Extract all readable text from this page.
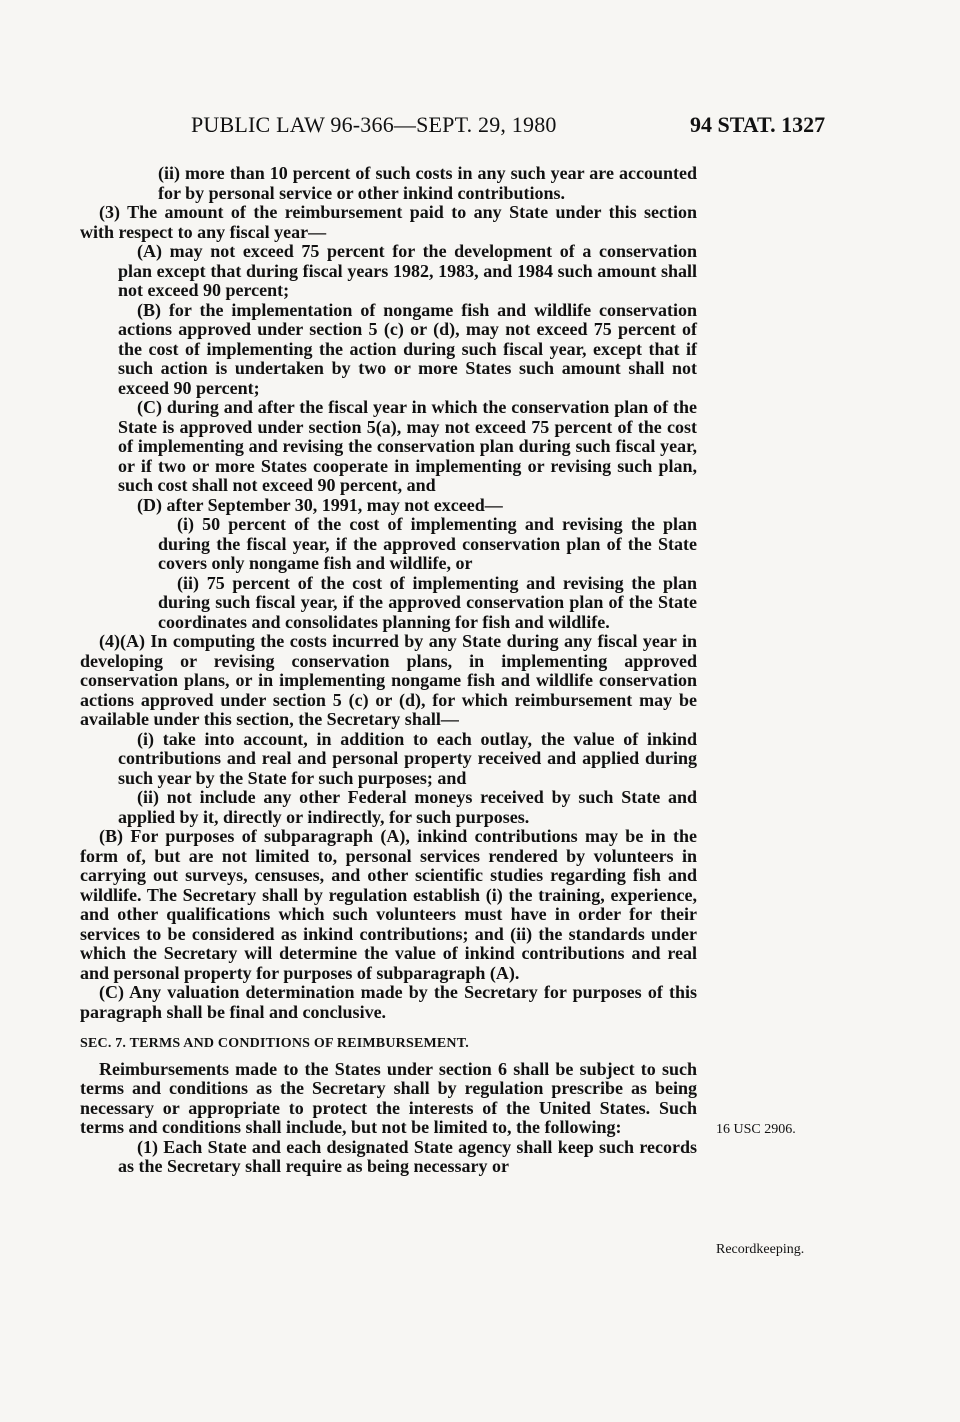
PUBLIC LAW 96-366—SEPT. 29, 1980	94 STAT. 1327

(ii) more than 10 percent of such costs in any such year are accounted for by personal service or other inkind contributions.

(3) The amount of the reimbursement paid to any State under this section with respect to any fiscal year—

(A) may not exceed 75 percent for the development of a conservation plan except that during fiscal years 1982, 1983, and 1984 such amount shall not exceed 90 percent;

(B) for the implementation of nongame fish and wildlife conservation actions approved under section 5 (c) or (d), may not exceed 75 percent of the cost of implementing the action during such fiscal year, except that if such action is undertaken by two or more States such amount shall not exceed 90 percent;

(C) during and after the fiscal year in which the conservation plan of the State is approved under section 5(a), may not exceed 75 percent of the cost of implementing and revising the conservation plan during such fiscal year, or if two or more States cooperate in implementing or revising such plan, such cost shall not exceed 90 percent, and

(D) after September 30, 1991, may not exceed—

(i) 50 percent of the cost of implementing and revising the plan during the fiscal year, if the approved conservation plan of the State covers only nongame fish and wildlife, or

(ii) 75 percent of the cost of implementing and revising the plan during such fiscal year, if the approved conservation plan of the State coordinates and consolidates planning for fish and wildlife.

(4)(A) In computing the costs incurred by any State during any fiscal year in developing or revising conservation plans, in implementing approved conservation plans, or in implementing nongame fish and wildlife conservation actions approved under section 5 (c) or (d), for which reimbursement may be available under this section, the Secretary shall—

(i) take into account, in addition to each outlay, the value of inkind contributions and real and personal property received and applied during such year by the State for such purposes; and

(ii) not include any other Federal moneys received by such State and applied by it, directly or indirectly, for such purposes.

(B) For purposes of subparagraph (A), inkind contributions may be in the form of, but are not limited to, personal services rendered by volunteers in carrying out surveys, censuses, and other scientific studies regarding fish and wildlife. The Secretary shall by regulation establish (i) the training, experience, and other qualifications which such volunteers must have in order for their services to be considered as inkind contributions; and (ii) the standards under which the Secretary will determine the value of inkind contributions and real and personal property for purposes of subparagraph (A).

(C) Any valuation determination made by the Secretary for purposes of this paragraph shall be final and conclusive.

SEC. 7. TERMS AND CONDITIONS OF REIMBURSEMENT.

Reimbursements made to the States under section 6 shall be subject to such terms and conditions as the Secretary shall by regulation prescribe as being necessary or appropriate to protect the interests of the United States. Such terms and conditions shall include, but not be limited to, the following:

(1) Each State and each designated State agency shall keep such records as the Secretary shall require as being necessary or

16 USC 2906.
Recordkeeping.
